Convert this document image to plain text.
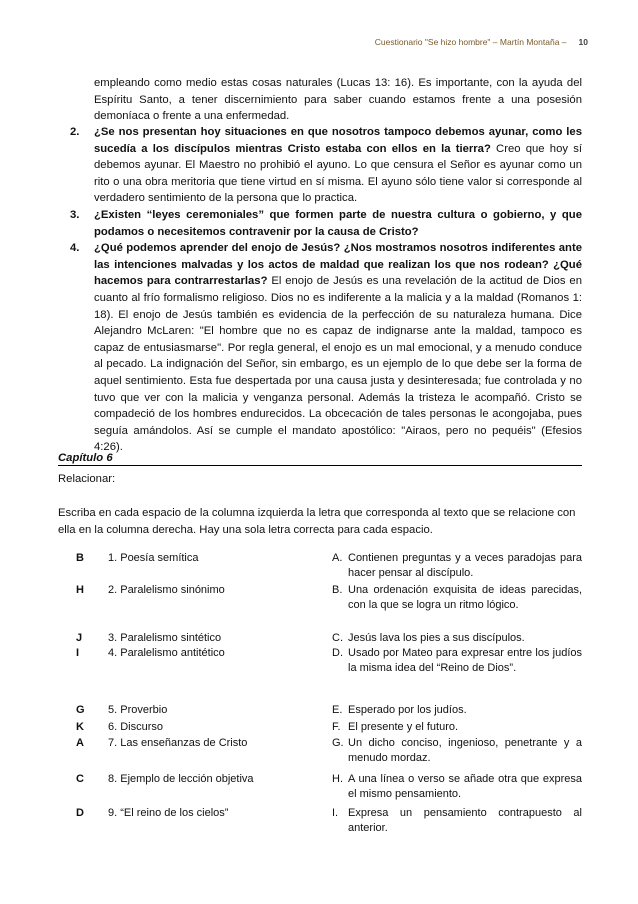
Cuestionario "Se hizo hombre" – Martín Montaña – 10
empleando como medio estas cosas naturales (Lucas 13: 16). Es importante, con la ayuda del Espíritu Santo, a tener discernimiento para saber cuando estamos frente a una posesión demoníaca o frente a una enfermedad.
2.	¿Se nos presentan hoy situaciones en que nosotros tampoco debemos ayunar, como les sucedía a los discípulos mientras Cristo estaba con ellos en la tierra? Creo que hoy sí debemos ayunar. El Maestro no prohibió el ayuno. Lo que censura el Señor es ayunar como un rito o una obra meritoria que tiene virtud en sí misma. El ayuno sólo tiene valor si corresponde al verdadero sentimiento de la persona que lo practica.
3.	¿Existen “leyes ceremoniales” que formen parte de nuestra cultura o gobierno, y que podamos o necesitemos contravenir por la causa de Cristo?
4.	¿Qué podemos aprender del enojo de Jesús? ¿Nos mostramos nosotros indiferentes ante las intenciones malvadas y los actos de maldad que realizan los que nos rodean? ¿Qué hacemos para contrarrestarlas? El enojo de Jesús es una revelación de la actitud de Dios en cuanto al frío formalismo religioso. Dios no es indiferente a la malicia y a la maldad (Romanos 1: 18). El enojo de Jesús también es evidencia de la perfección de su naturaleza humana. Dice Alejandro McLaren: "El hombre que no es capaz de indignarse ante la maldad, tampoco es capaz de entusiasmarse". Por regla general, el enojo es un mal emocional, y a menudo conduce al pecado. La indignación del Señor, sin embargo, es un ejemplo de lo que debe ser la forma de aquel sentimiento. Esta fue despertada por una causa justa y desinteresada; fue controlada y no tuvo que ver con la malicia y venganza personal. Además la tristeza le acompañó. Cristo se compadeció de los hombres endurecidos. La obcecación de tales personas le acongojaba, pues seguía amándolos. Así se cumple el mandato apostólico: "Airaos, pero no pequéis" (Efesios 4:26).
Capítulo 6
Relacionar:
Escriba en cada espacio de la columna izquierda la letra que corresponda al texto que se relacione con ella en la columna derecha. Hay una sola letra correcta para cada espacio.
B	1. Poesía semítica	A. Contienen preguntas y a veces paradojas para hacer pensar al discípulo.
H	2. Paralelismo sinónimo	B. Una ordenación exquisita de ideas parecidas, con la que se logra un ritmo lógico.
J	3. Paralelismo sintético	C. Jesús lava los pies a sus discípulos.
I	4. Paralelismo antitético	D. Usado por Mateo para expresar entre los judíos la misma idea del “Reino de Dios”.
G	5. Proverbio	E. Esperado por los judíos.
K	6. Discurso	F. El presente y el futuro.
A	7. Las enseñanzas de Cristo	G. Un dicho conciso, ingenioso, penetrante y a menudo mordaz.
C	8. Ejemplo de lección objetiva	H. A una línea o verso se añade otra que expresa el mismo pensamiento.
D	9. “El reino de los cielos”	I. Expresa un pensamiento contrapuesto al anterior.
